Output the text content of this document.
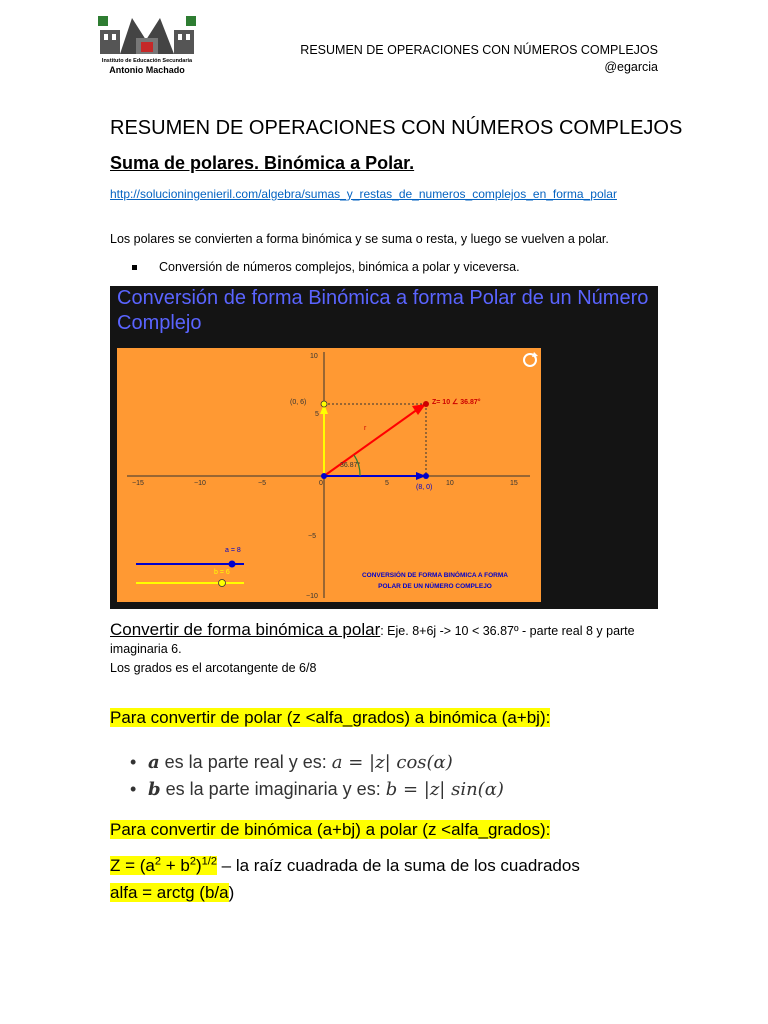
Instituto de Educación Secundaria
Antonio Machado
RESUMEN DE OPERACIONES CON NÚMEROS COMPLEJOS
@egarcia
RESUMEN DE OPERACIONES CON NÚMEROS COMPLEJOS
Suma de polares. Binómica a Polar.
http://solucioningenieril.com/algebra/sumas_y_restas_de_numeros_complejos_en_forma_polar
Los polares se convierten a forma binómica y se suma o resta, y luego se vuelven a polar.
Conversión de números complejos, binómica a polar y viceversa.
−15	−10	−5	0	5	10	15
10
5
−5
−10
Conversión de forma Binómica a forma Polar de un Número Complejo
(0, 6)
(8, 0)
Z= 10 ∠ 36.87°
r
36.87°
a = 8
b = 6	CONVERSIÓN DE FORMA BINÓMICA A FORMA
POLAR DE UN NÚMERO COMPLEJO
Convertir de forma binómica a polar: Eje. 8+6j -> 10 < 36.87º - parte real 8 y parte imaginaria 6.
Los grados es el arcotangente de 6/8
Para convertir de polar (z <alfa_grados) a binómica (a+bj):
• a es la parte real y es: a = |z| cos(α)
• b es la parte imaginaria y es: b = |z| sin(α)
Para convertir de binómica (a+bj) a polar (z <alfa_grados):
$Z = (a^2 + b^2)^{1/2}$ – la raíz cuadrada de la suma de los cuadrados
alfa = arctg (b/a)
